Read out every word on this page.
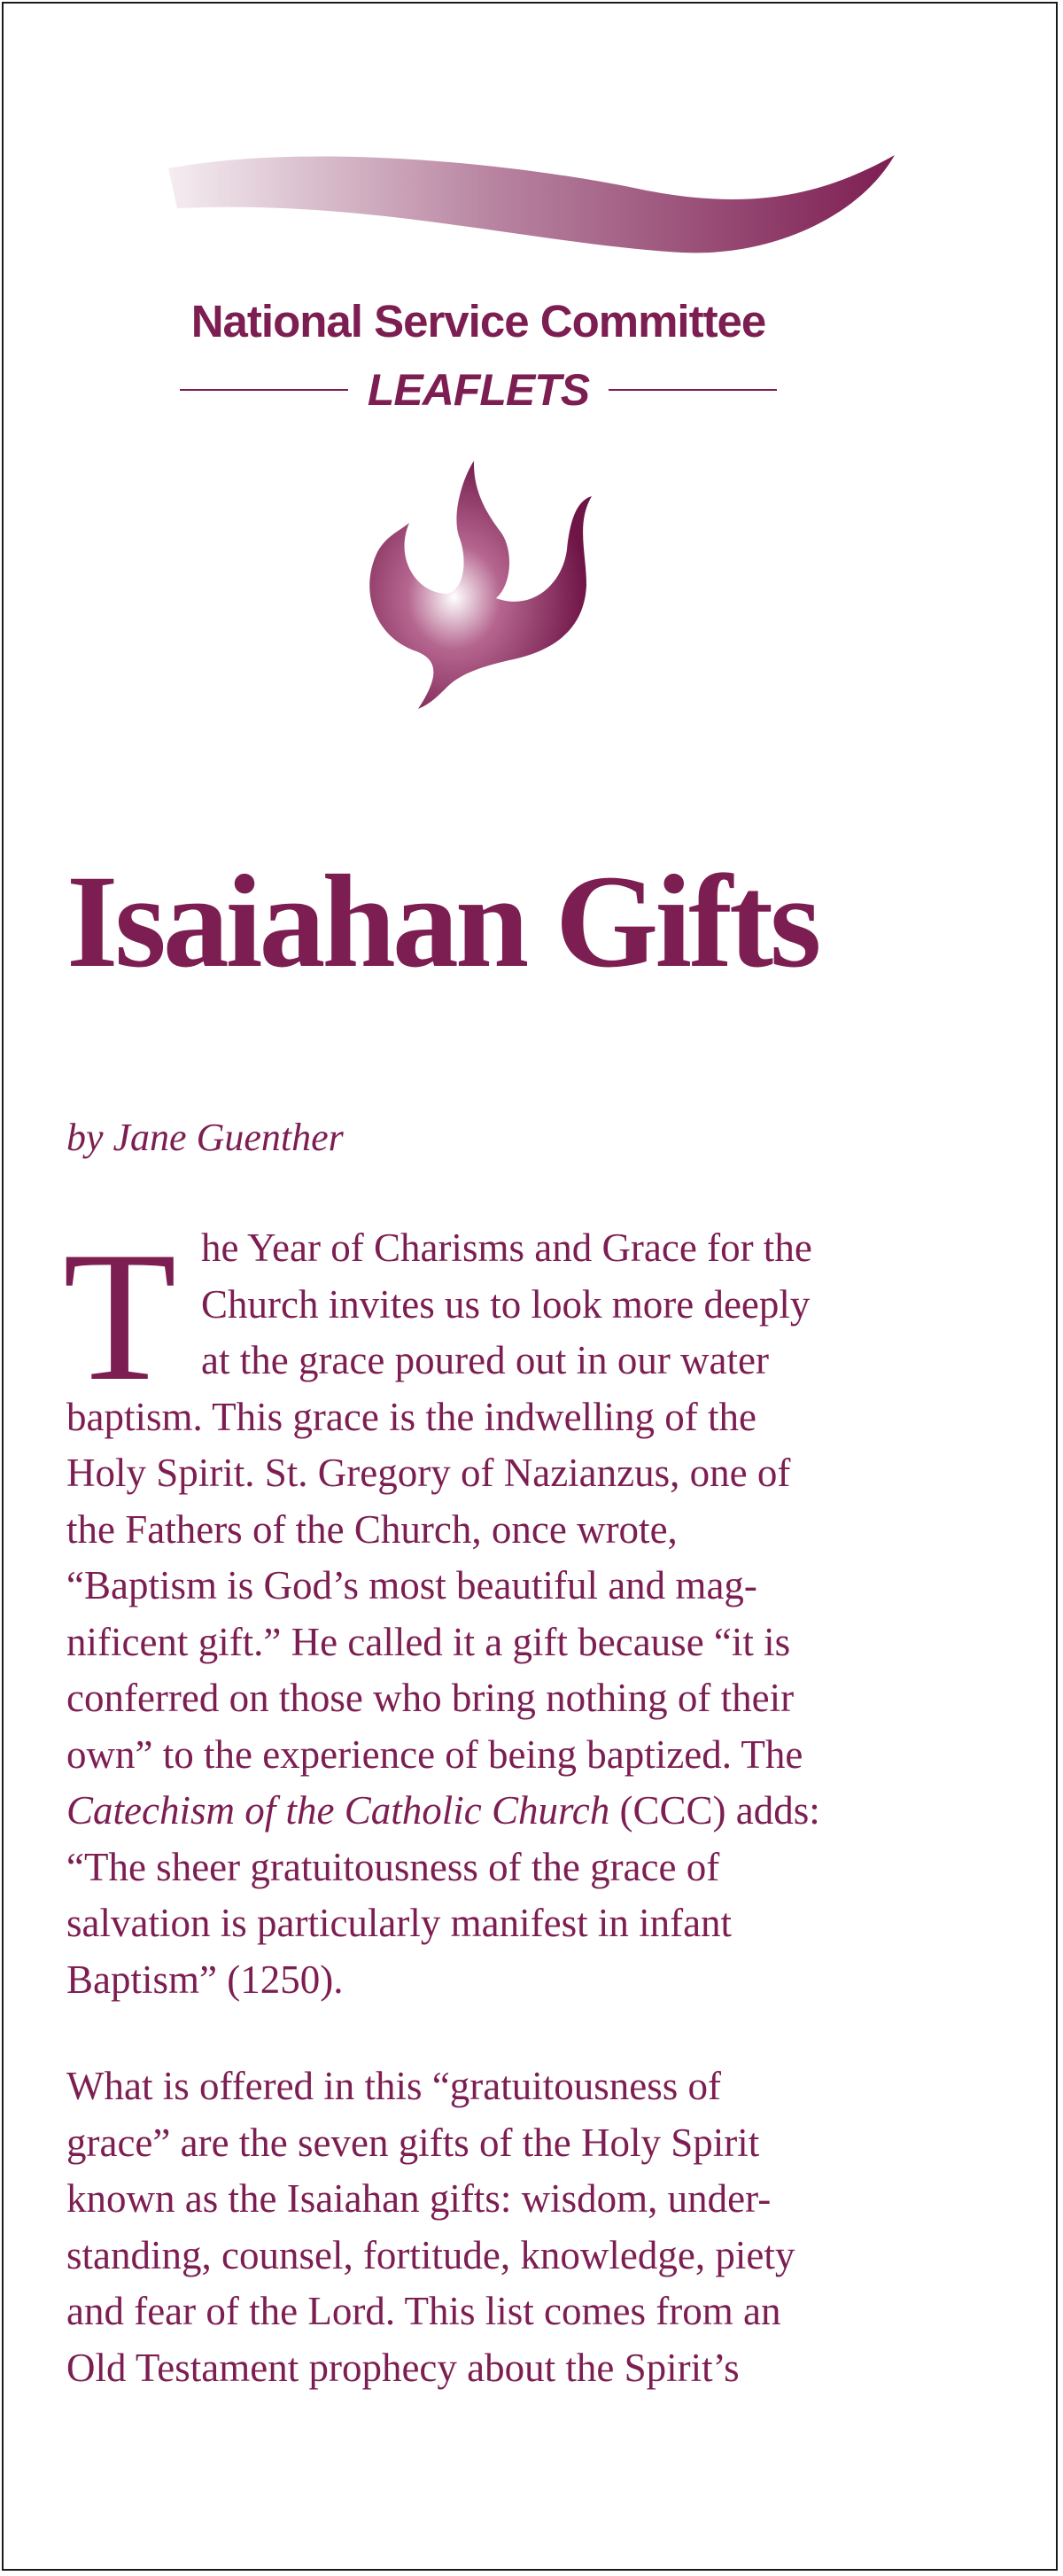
National Service Committee
LEAFLETS
Isaiahan Gifts
by Jane Guenther
T he Year of Charisms and Grace for the
Church invites us to look more deeply
at the grace poured out in our water
baptism. This grace is the indwelling of the
Holy Spirit. St. Gregory of Nazianzus, one of
the Fathers of the Church, once wrote,
“Baptism is God’s most beautiful and mag-
nificent gift.” He called it a gift because “it is
conferred on those who bring nothing of their
own” to the experience of being baptized. The
Catechism of the Catholic Church (CCC) adds:
“The sheer gratuitousness of the grace of
salvation is particularly manifest in infant
Baptism” (1250).
What is offered in this “gratuitousness of
grace” are the seven gifts of the Holy Spirit
known as the Isaiahan gifts: wisdom, under-
standing, counsel, fortitude, knowledge, piety
and fear of the Lord. This list comes from an
Old Testament prophecy about the Spirit’s
